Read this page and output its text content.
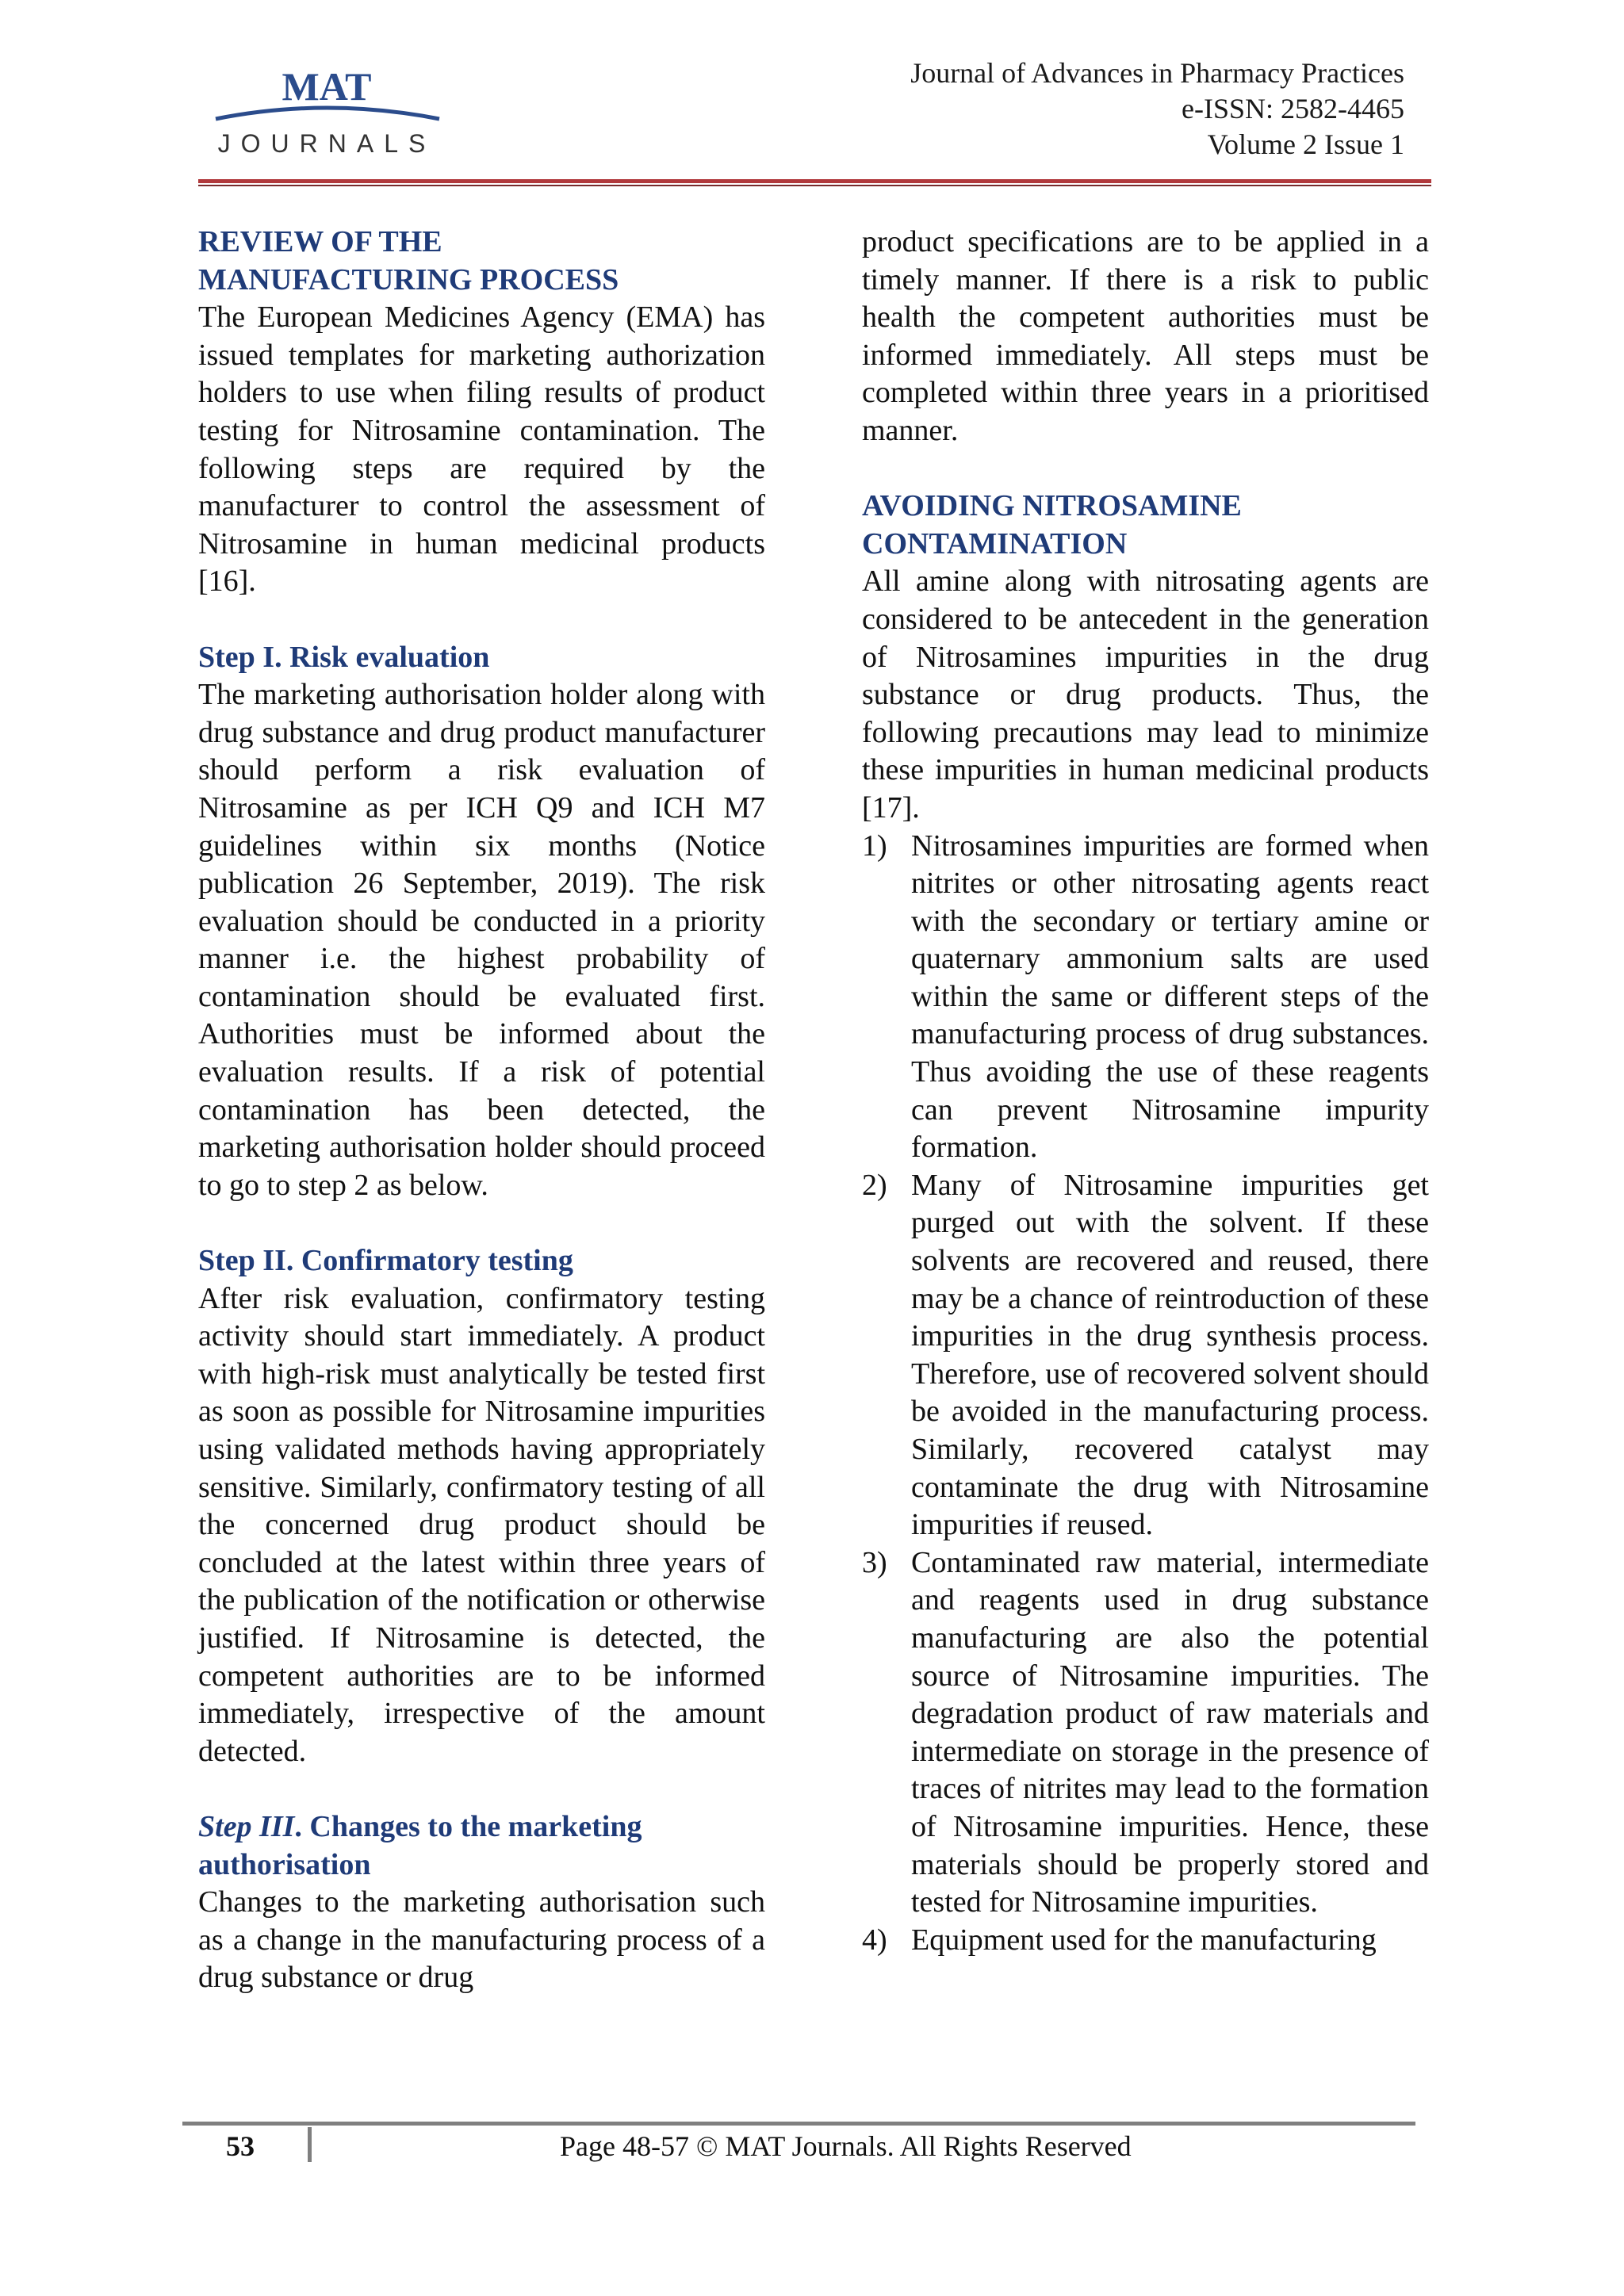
MAT
JOURNALS
Journal of Advances in Pharmacy Practices
e-ISSN: 2582-4465
Volume 2 Issue 1
REVIEW OF THE
MANUFACTURING PROCESS

The European Medicines Agency (EMA) has issued templates for marketing authorization holders to use when filing results of product testing for Nitrosamine contamination. The following steps are required by the manufacturer to control the assessment of Nitrosamine in human medicinal products [16].

Step I. Risk evaluation

The marketing authorisation holder along with drug substance and drug product manufacturer should perform a risk evaluation of Nitrosamine as per ICH Q9 and ICH M7 guidelines within six months (Notice publication 26 September, 2019). The risk evaluation should be conducted in a priority manner i.e. the highest probability of contamination should be evaluated first. Authorities must be informed about the evaluation results. If a risk of potential contamination has been detected, the marketing authorisation holder should proceed to go to step 2 as below.

Step II. Confirmatory testing

After risk evaluation, confirmatory testing activity should start immediately. A product with high-risk must analytically be tested first as soon as possible for Nitrosamine impurities using validated methods having appropriately sensitive. Similarly, confirmatory testing of all the concerned drug product should be concluded at the latest within three years of the publication of the notification or otherwise justified. If Nitrosamine is detected, the competent authorities are to be informed immediately, irrespective of the amount detected.

Step III. Changes to the marketing authorisation

Changes to the marketing authorisation such as a change in the manufacturing process of a drug substance or drug

product specifications are to be applied in a timely manner. If there is a risk to public health the competent authorities must be informed immediately. All steps must be completed within three years in a prioritised manner.

AVOIDING NITROSAMINE
CONTAMINATION

All amine along with nitrosating agents are considered to be antecedent in the generation of Nitrosamines impurities in the drug substance or drug products. Thus, the following precautions may lead to minimize these impurities in human medicinal products [17].

1) Nitrosamines impurities are formed when nitrites or other nitrosating agents react with the secondary or tertiary amine or quaternary ammonium salts are used within the same or different steps of the manufacturing process of drug substances. Thus avoiding the use of these reagents can prevent Nitrosamine impurity formation.
2) Many of Nitrosamine impurities get purged out with the solvent. If these solvents are recovered and reused, there may be a chance of reintroduction of these impurities in the drug synthesis process. Therefore, use of recovered solvent should be avoided in the manufacturing process. Similarly, recovered catalyst may contaminate the drug with Nitrosamine impurities if reused.
3) Contaminated raw material, intermediate and reagents used in drug substance manufacturing are also the potential source of Nitrosamine impurities. The degradation product of raw materials and intermediate on storage in the presence of traces of nitrites may lead to the formation of Nitrosamine impurities. Hence, these materials should be properly stored and tested for Nitrosamine impurities.
4) Equipment used for the manufacturing
53	Page 48-57 © MAT Journals. All Rights Reserved
